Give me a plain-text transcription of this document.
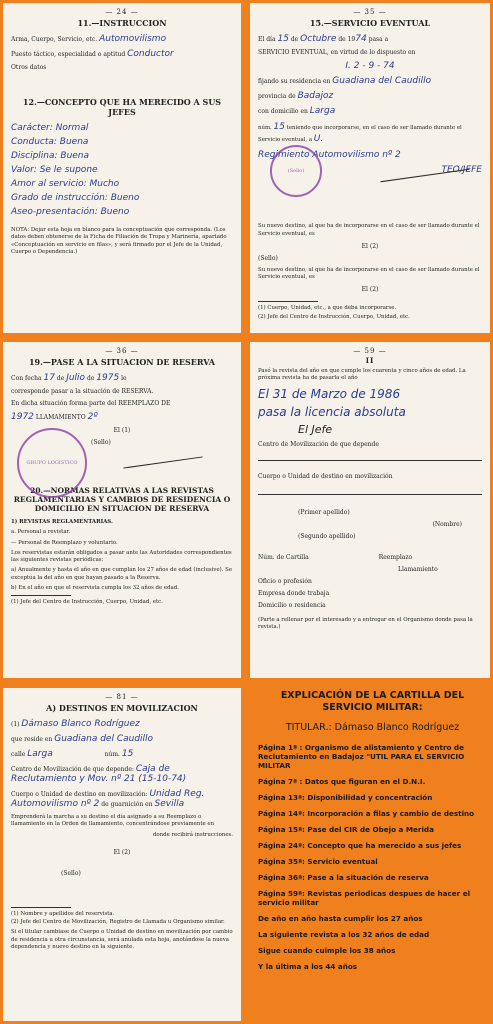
— 24 —
11.—INSTRUCCION
Arma, Cuerpo, Servicio, etc. Automovilismo
Puesto táctico, especialidad o aptitud Conductor
Otros datos
12.—CONCEPTO QUE HA MERECIDO A SUS JEFES
Carácter: Normal
Conducta: Buena
Disciplina: Buena
Valor: Se le supone
Amor al servicio: Mucho
Grado de instrucción: Bueno
Aseo-presentación: Bueno
NOTA: Dejar esta hoja en blanco para la conceptuación que corresponda. (Los datos deben obtenerse de la Ficha de Filiación de Tropa y Marinería, apartado «Conceptuación en servicio en filas», y será firmado por el Jefe de la Unidad, Cuerpo o Dependencia.)
— 35 —
15.—SERVICIO EVENTUAL
El día 15 de Octubre de 1974 pasa a
SERVICIO EVENTUAL, en virtud de lo dispuesto en
I. 2 - 9 - 74
fijando su residencia en Guadiana del Caudillo
provincia de Badajoz
con domicilio en Larga
núm. 15 teniendo que incorporarse, en el caso de ser llamado durante el Servicio eventual, a U.
Regimiento Automovilismo nº 2
TEO/JEFE
(Sello)
Su nuevo destino, al que ha de incorporarse en el caso de ser llamado durante el Servicio eventual, es
El (2)
(Sello)
Su nuevo destino, al que ha de incorporarse en el caso de ser llamado durante el Servicio eventual, es
El (2)
(1) Cuerpo, Unidad, etc., a que deba incorporarse.
(2) Jefe del Centro de Instrucción, Cuerpo, Unidad, etc.
— 36 —
19.—PASE A LA SITUACION DE RESERVA
Con fecha 17 de Julio de 1975 le
corresponde pasar a la situación de RESERVA.
En dicha situación forma parte del REEMPLAZO DE
1972 LLAMAMIENTO 2º
El (1)
GRUPO LOGISTICO
(Sello)
20.—NORMAS RELATIVAS A LAS REVISTAS REGLAMENTARIAS Y CAMBIOS DE RESIDENCIA O DOMICILIO EN SITUACION DE RESERVA
1) REVISTAS REGLAMENTARIAS.
a. Personal a revistar.
— Personal de Reemplazo y voluntario.
Los reservistas estarán obligados a pasar ante las Autoridades correspondientes las siguientes revistas periódicas:
a) Anualmente y hasta el año en que cumplan los 27 años de edad (inclusive). Se exceptúa la del año en que hayan pasado a la Reserva.
b) En el año en que el reservista cumpla los 32 años de edad.
(1) Jefe del Centro de Instrucción, Cuerpo, Unidad, etc.
— 59 —
II
Pasó la revista del año en que cumple los cuarenta y cinco años de edad. La próxima revista ha de pasarla el año
El 31 de Marzo de 1986
pasa la licencia absoluta
El Jefe
Centro de Movilización de que depende
Cuerpo o Unidad de destino en movilización
(Primer apellido)
(Nombre)
(Segundo apellido)
Núm. de Cartilla	Reemplazo
Llamamiento
Oficio o profesión
Empresa donde trabaja
Domicilio o residencia
(Parte a rellenar por el interesado y a entregar en el Organismo donde pasa la revista.)
— 81 —
A) DESTINOS EN MOVILIZACION
(1) Dámaso Blanco Rodríguez
que reside en Guadiana del Caudillo
calle Larga	núm. 15
Centro de Movilización de que depende: Caja de Reclutamiento y Mov. nº 21 (15-10-74)
Cuerpo o Unidad de destino en movilización: Unidad Reg. Automovilismo nº 2 de guarnición en Sevilla
Emprenderá la marcha a su destino el día asignado a su Reemplazo o llamamiento en la Orden de llamamiento, concentrándose previamente en
donde recibirá instrucciones.
El (2)
(Sello)
(1) Nombre y apellidos del reservista.
(2) Jefe del Centro de Movilización, Registro de Llamada u Organismo similar.
Si el titular cambiase de Cuerpo o Unidad de destino en movilización por cambio de residencia u otra circunstancia, será anulada esta hoja, anotándose la nueva dependencia y nuevo destino en la siguiente.
EXPLICACIÓN DE LA CARTILLA DEL SERVICIO MILITAR:
TITULAR.: Dámaso Blanco Rodríguez
Página 1ª : Organismo de alistamiento y Centro de Reclutamiento en Badajoz "UTIL PARA EL SERVICIO MILITAR
Página 7ª : Datos que figuran en el D.N.I.
Página 13ª: Disponibilidad y concentración
Página 14ª: Incorporación a filas y cambio de destino
Página 15ª: Pase del CIR de Obejo a Merida
Página 24ª: Concepto que ha merecido a sus jefes
Página 35ª: Servicio eventual
Página 36ª: Pase a la situación de reserva
Página 59ª: Revistas periodicas despues de hacer el servicio militar
De año en año hasta cumplir los 27 años
La siguiente revista a los 32 años de edad
Sigue cuando cuimple los 38 años
Y la última a los 44 años
